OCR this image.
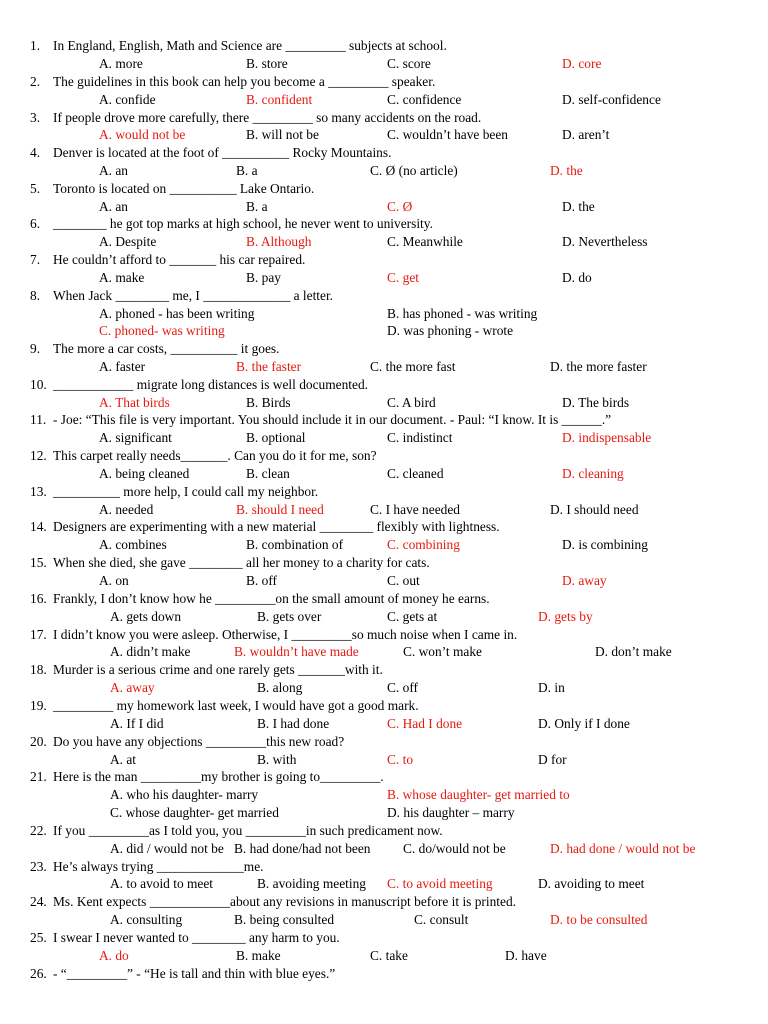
1. In England, English, Math and Science are _________ subjects at school.
A. more	B. store	C. score	D. core
2. The guidelines in this book can help you become a _________ speaker.
A. confide	B. confident	C. confidence	D. self-confidence
3. If people drove more carefully, there _________ so many accidents on the road.
A. would not be	B. will not be	C. wouldn’t have been	D. aren’t
4. Denver is located at the foot of __________ Rocky Mountains.
A. an	B. a	C. Ø (no article)	D. the
5. Toronto is located on __________ Lake Ontario.
A. an	B. a	C. Ø	D. the
6. ________ he got top marks at high school, he never went to university.
A. Despite	B. Although	C. Meanwhile	D. Nevertheless
7. He couldn’t afford to _______ his car repaired.
A. make	B. pay	C. get	D. do
8. When Jack ________ me, I _____________ a letter.
A. phoned - has been writing	B. has phoned - was writing
C. phoned- was writing	D. was phoning - wrote
9. The more a car costs, __________ it goes.
A. faster	B. the faster	C. the more fast	D. the more faster
10. ____________ migrate long distances is well documented.
A. That birds	B. Birds	C. A bird	D. The birds
11. - Joe: “This file is very important. You should include it in our document. - Paul: “I know. It is ______.”
A. significant	B. optional	C. indistinct	D. indispensable
12. This carpet really needs_______. Can you do it for me, son?
A. being cleaned	B. clean	C. cleaned	D. cleaning
13. __________ more help, I could call my neighbor.
A. needed	B. should I need	C. I have needed	D. I should need
14. Designers are experimenting with a new material ________ flexibly with lightness.
A. combines	B. combination of	C. combining	D. is combining
15. When she died, she gave ________ all her money to a charity for cats.
A. on	B. off	C. out	D. away
16. Frankly, I don’t know how he _________on the small amount of money he earns.
A. gets down	B. gets over	C. gets at	D. gets by
17. I didn’t know you were asleep. Otherwise, I _________so much noise when I came in.
A. didn’t make	B. wouldn’t have made	C. won’t make	D. don’t make
18. Murder is a serious crime and one rarely gets _______with it.
A. away	B. along	C. off	D. in
19. _________ my homework last week, I would have got a good mark.
A. If I did	B. I had done	C. Had I done	D. Only if I done
20. Do you have any objections _________this new road?
A. at	B. with	C. to	D for
21. Here is the man _________my brother is going to_________.
A. who his daughter- marry	B. whose daughter- get married to
C. whose daughter- get married	D. his daughter – marry
22. If you _________as I told you, you _________in such predicament now.
A. did / would not be B. had done/had not been C. do/would not be	D. had done / would not be
23. He’s always trying _____________me.
A. to avoid to meet	B. avoiding meeting C. to avoid meeting	D. avoiding to meet
24. Ms. Kent expects ____________about any revisions in manuscript before it is printed.
A. consulting	B. being consulted	C. consult	D. to be consulted
25. I swear I never wanted to ________ any harm to you.
A. do	B. make	C. take	D. have
26. - “_________” - “He is tall and thin with blue eyes.”
